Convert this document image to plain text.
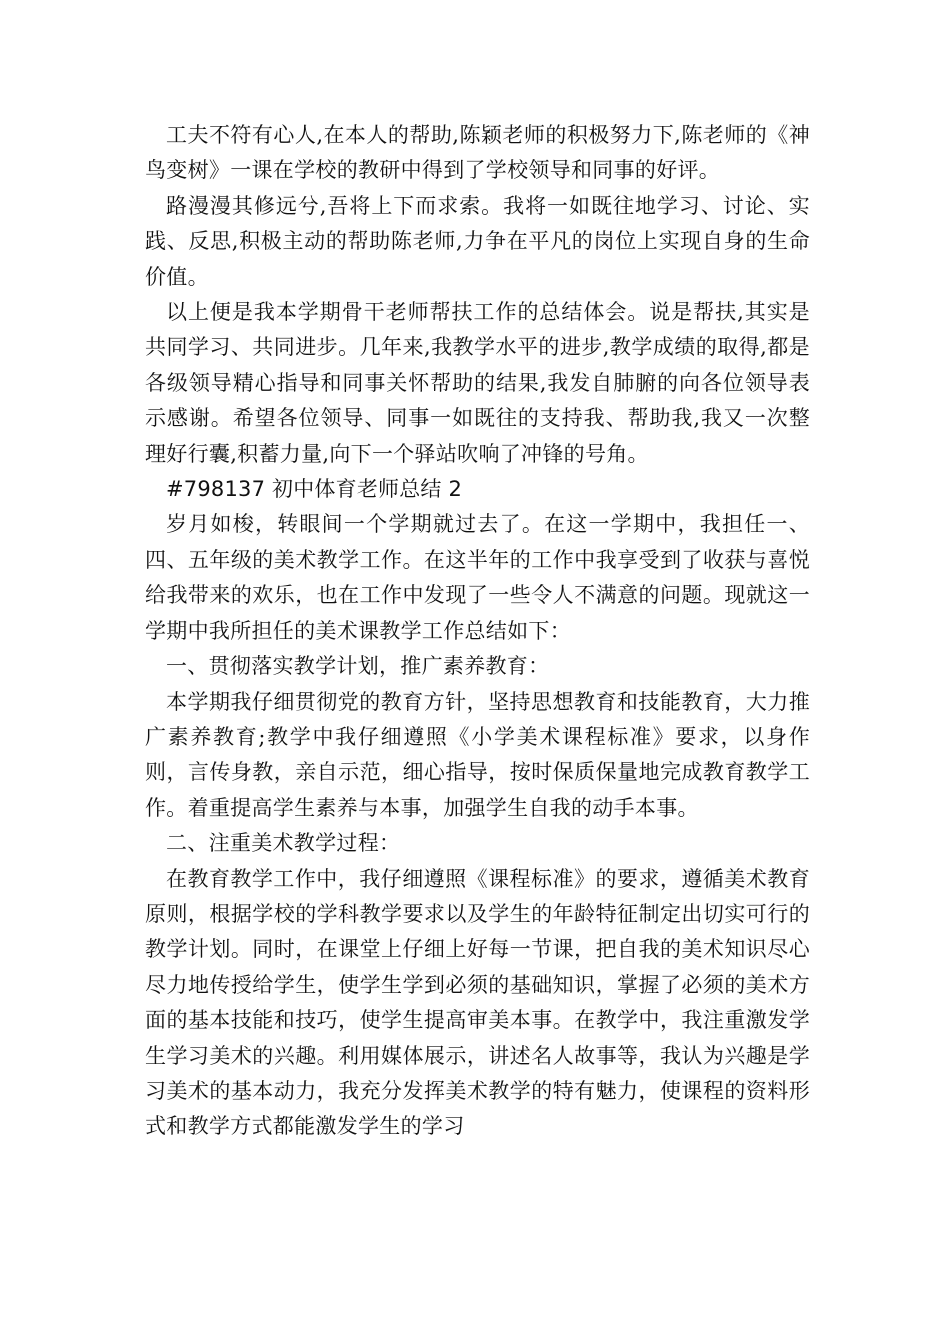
工夫不符有心人,在本人的帮助,陈颖老师的积极努力下,陈老师的《神鸟变树》一课在学校的教研中得到了学校领导和同事的好评。

路漫漫其修远兮,吾将上下而求索。我将一如既往地学习、讨论、实践、反思,积极主动的帮助陈老师,力争在平凡的岗位上实现自身的生命价值。

以上便是我本学期骨干老师帮扶工作的总结体会。说是帮扶,其实是共同学习、共同进步。几年来,我教学水平的进步,教学成绩的取得,都是各级领导精心指导和同事关怀帮助的结果,我发自肺腑的向各位领导表示感谢。希望各位领导、同事一如既往的支持我、帮助我,我又一次整理好行囊,积蓄力量,向下一个驿站吹响了冲锋的号角。

#798137 初中体育老师总结 2

岁月如梭，转眼间一个学期就过去了。在这一学期中，我担任一、四、五年级的美术教学工作。在这半年的工作中我享受到了收获与喜悦给我带来的欢乐，也在工作中发现了一些令人不满意的问题。现就这一学期中我所担任的美术课教学工作总结如下：

一、贯彻落实教学计划，推广素养教育：

本学期我仔细贯彻党的教育方针，坚持思想教育和技能教育，大力推广素养教育;教学中我仔细遵照《小学美术课程标准》要求，以身作则，言传身教，亲自示范，细心指导，按时保质保量地完成教育教学工作。着重提高学生素养与本事，加强学生自我的动手本事。

二、注重美术教学过程：

在教育教学工作中，我仔细遵照《课程标准》的要求，遵循美术教育原则，根据学校的学科教学要求以及学生的年龄特征制定出切实可行的教学计划。同时，在课堂上仔细上好每一节课，把自我的美术知识尽心尽力地传授给学生，使学生学到必须的基础知识，掌握了必须的美术方面的基本技能和技巧，使学生提高审美本事。在教学中，我注重激发学生学习美术的兴趣。利用媒体展示，讲述名人故事等，我认为兴趣是学习美术的基本动力，我充分发挥美术教学的特有魅力，使课程的资料形式和教学方式都能激发学生的学习
